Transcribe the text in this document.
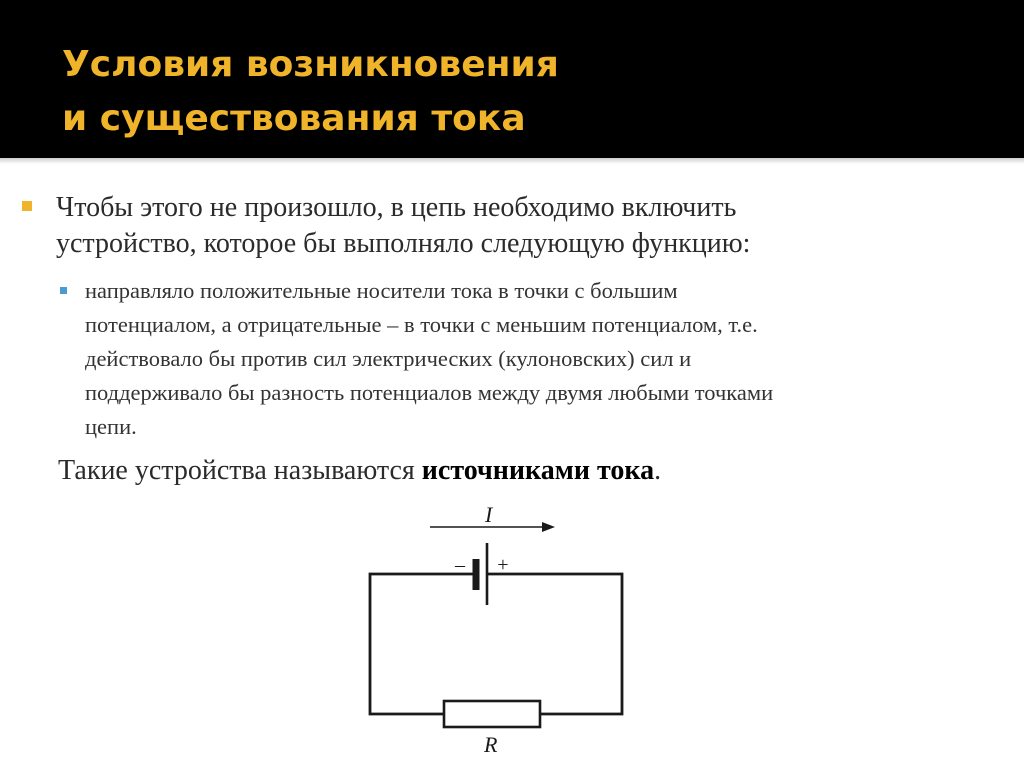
Условия возникновения
и существования тока
Чтобы этого не произошло, в цепь необходимо включить
устройство, которое бы выполняло следующую функцию:
направляло положительные носители тока в точки с большим
потенциалом, а отрицательные – в точки с меньшим потенциалом, т.е.
действовало бы против сил электрических (кулоновских) сил и
поддерживало бы разность потенциалов между двумя любыми точками
цепи.
Такие устройства называются источниками тока.
I
– +
R
